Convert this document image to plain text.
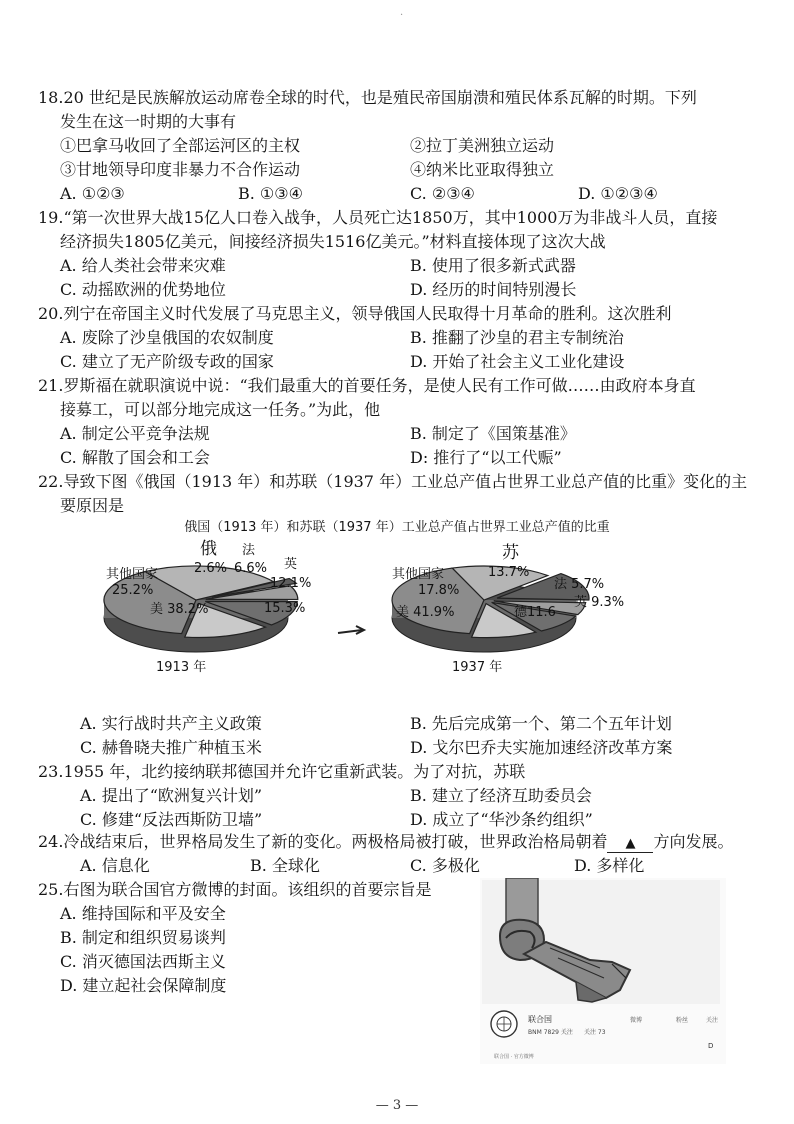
·
18.20 世纪是民族解放运动席卷全球的时代，也是殖民帝国崩溃和殖民体系瓦解的时期。下列
发生在这一时期的大事有
①巴拿马收回了全部运河区的主权	②拉丁美洲独立运动
③甘地领导印度非暴力不合作运动	④纳米比亚取得独立
A. ①②③	B. ①③④	C. ②③④	D. ①②③④
19.“第一次世界大战15亿人口卷入战争，人员死亡达1850万，其中1000万为非战斗人员，直接
经济损失1805亿美元，间接经济损失1516亿美元。”材料直接体现了这次大战
A. 给人类社会带来灾难	B. 使用了很多新式武器
C. 动摇欧洲的优势地位	D. 经历的时间特别漫长
20.列宁在帝国主义时代发展了马克思主义，领导俄国人民取得十月革命的胜利。这次胜利
A. 废除了沙皇俄国的农奴制度	B. 推翻了沙皇的君主专制统治
C. 建立了无产阶级专政的国家	D. 开始了社会主义工业化建设
21.罗斯福在就职演说中说：“我们最重大的首要任务，是使人民有工作可做……由政府本身直
接募工，可以部分地完成这一任务。”为此，他
A. 制定公平竞争法规	B. 制定了《国策基准》
C. 解散了国会和工会	D: 推行了“以工代赈”
22.导致下图《俄国（1913 年）和苏联（1937 年）工业总产值占世界工业总产值的比重》变化的主
要原因是
俄国（1913 年）和苏联（1937 年）工业总产值占世界工业总产值的比重
俄
2.6%
法
6.6% 英
12.1%
15.3%
其他国家
25.2%
美 38.2%
苏
13.7%
法 5.7%
英 9.3%
德11.6
其他国家
17.8%
美 41.9%
1913 年	1937 年
A. 实行战时共产主义政策	B. 先后完成第一个、第二个五年计划
C. 赫鲁晓夫推广种植玉米	D. 戈尔巴乔夫实施加速经济改革方案
23.1955 年，北约接纳联邦德国并允许它重新武装。为了对抗，苏联
A. 提出了“欧洲复兴计划”	B. 建立了经济互助委员会
C. 修建“反法西斯防卫墙”	D. 成立了“华沙条约组织”
24.冷战结束后，世界格局发生了新的变化。两极格局被打破，世界政治格局朝着 ▲ 方向发展。
A. 信息化	B. 全球化	C. 多极化	D. 多样化
25.右图为联合国官方微博的封面。该组织的首要宗旨是
A. 维持国际和平及安全
B. 制定和组织贸易谈判
C. 消灭德国法西斯主义
D. 建立起社会保障制度
联合国
BNM 7829 关注 关注 73
微博	粉丝	关注
D
联合国 · 官方微博
— 3 —
